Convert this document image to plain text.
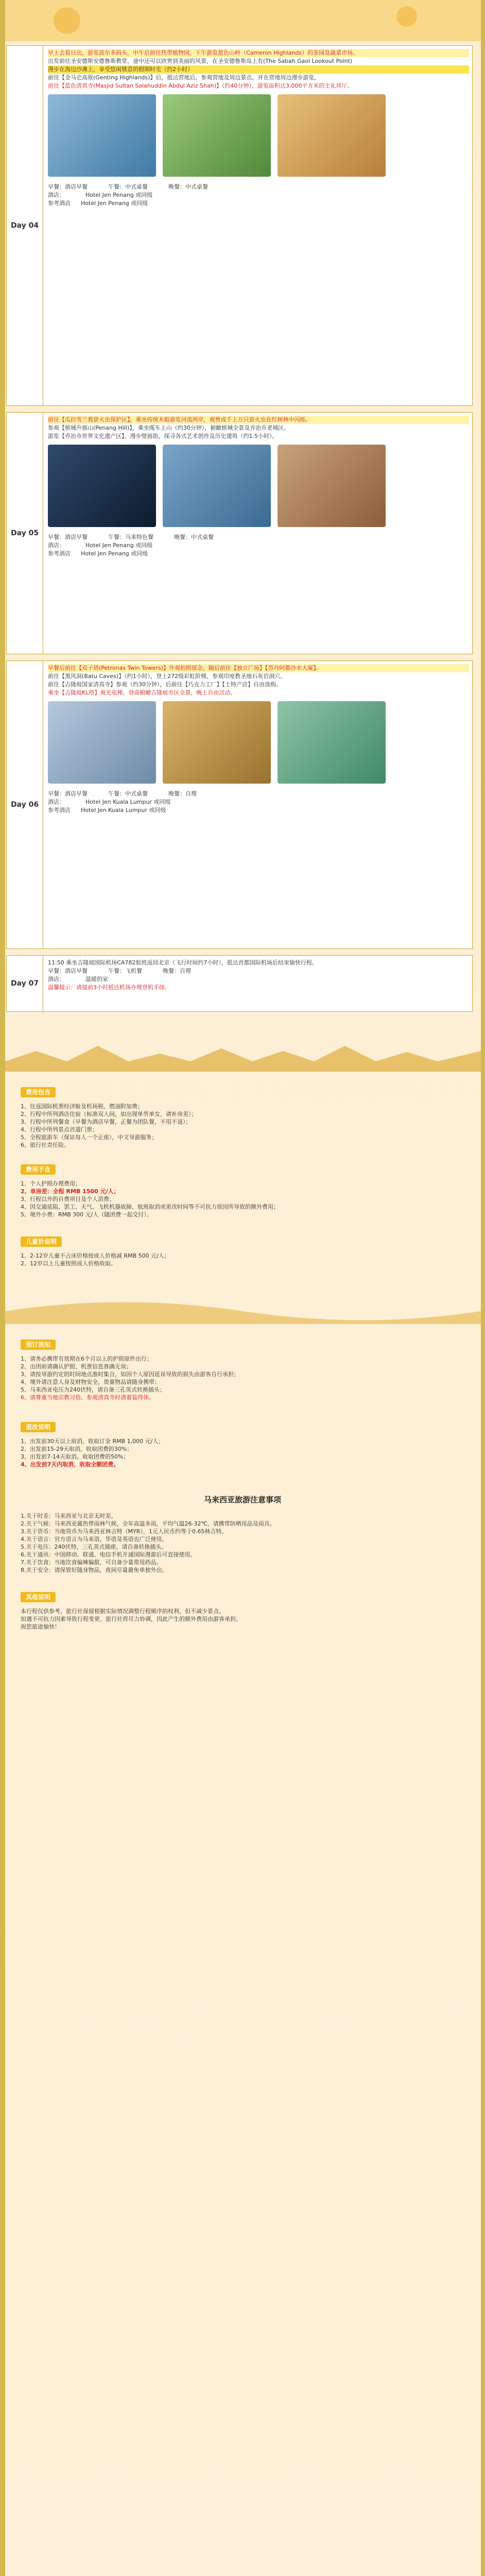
Day 04
早上去看日出，游览波尔多码头，中午后前往热带植物园，下午游览蓝色山岭（Cameron Highlands）的茶园及蔬菜市场。
出发前往圣安德斯安德鲁斯教堂，途中还可以欣赏到美丽的风景，在圣安德鲁斯岛上有(The Sabah Gaol Lookout Point)
漫步在海边沙滩上，享受悠闲惬意的假期时光（约2小时）
前往【金马仑高原(Genting Highlands)】后，抵达营地后，参观营地及周边景点，并在营地周边漫步游览，
前往【蓝色清真寺(Masjid Sultan Salahuddin Abdul Aziz Shah)】（约40分钟），游览面积达3,000平方米的主礼拜厅。

早餐：酒店早餐	午餐：中式桌餐	晚餐：中式桌餐
酒店：	Hotel Jen Penang 或同级
参考酒店 Hotel Jen Penang 或同级
Day 05
前往【瓜拉雪兰莪萤火虫保护区】，乘坐传统木船游览河流两岸，观赏成千上万只萤火虫在红树林中闪烁。
参观【槟城升旗山(Penang Hill)】，乘坐缆车上山（约30分钟），俯瞰槟城全景及乔治市老城区。
游览【乔治市世界文化遗产区】，漫步壁画街，探寻各式艺术创作及历史建筑（约1.5小时）。

早餐：酒店早餐	午餐：马来特色餐	晚餐：中式桌餐
酒店：	Hotel Jen Penang 或同级
参考酒店 Hotel Jen Penang 或同级
Day 06
早餐后前往【双子塔(Petronas Twin Towers)】外观拍照留念，随后前往【独立广场】【苏丹阿都沙末大厦】。
前往【黑风洞(Batu Caves)】（约1小时），登上272级彩虹阶梯，参观印度教圣地石灰岩洞穴。
前往【吉隆坡国家清真寺】参观（约30分钟），后前往【巧克力工厂】【土特产店】自由选购。
乘坐【吉隆坡KL塔】观光电梯，登高俯瞰吉隆坡市区全景，晚上自由活动。

早餐：酒店早餐	午餐：中式桌餐	晚餐：自理
酒店：	Hotel Jen Kuala Lumpur 或同级
参考酒店 Hotel Jen Kuala Lumpur 或同级
Day 07
11:50 乘坐吉隆坡国际机场CA782航班返回北京（飞行时间约7小时），抵达首都国际机场后结束愉快行程。
早餐：酒店早餐	午餐：飞机餐	晚餐：自理
酒店：	温暖的家
温馨提示：请提前3小时抵达机场办理登机手续。
费用包含
1、往返国际机票经济舱及机场税、燃油附加费；
2、行程中所列酒店住宿（标准双人间，如出现单男单女，请补房差）；
3、行程中所列餐食（早餐为酒店早餐，正餐为团队餐，不用不退）；
4、行程中所列景点首道门票；
5、全程旅游车（保证每人一个正座），中文导游服务；
6、旅行社责任险。
费用不含
1、个人护照办理费用；
2、单房差：全程 RMB 1500 元/人；
3、行程以外的自费项目及个人消费；
4、因交通延阻、罢工、天气、飞机机器故障、航班取消或更改时间等不可抗力原因所导致的额外费用；
5、境外小费：RMB 300 元/人（随团费一起交付）。
儿童价说明
1、2-12岁儿童不占床价格按成人价格减 RMB 500 元/人；
2、12岁以上儿童按照成人价格收取。
预订须知
1、请务必携带有效期在6个月以上的护照原件出行；
2、出团前请确认护照、机票信息准确无误；
3、请按导游约定的时间地点准时集合，如因个人原因延误导致的损失由游客自行承担；
4、境外请注意人身及财物安全，贵重物品请随身携带；
5、马来西亚电压为240伏特，请自备三孔英式转换插头；
6、请尊重当地宗教习俗，参观清真寺时请着装得体。
退改说明
1、出发前30天以上取消，收取订金 RMB 1,000 元/人；
2、出发前15-29天取消，收取团费的30%；
3、出发前7-14天取消，收取团费的50%；
4、出发前7天内取消，收取全额团费。
马来西亚旅游注意事项
1.关于时差：马来西亚与北京无时差。
2.关于气候：马来西亚属热带雨林气候，全年高温多雨，平均气温26-32℃，请携带防晒用品及雨具。
3.关于货币：当地货币为马来西亚林吉特（MYR），1元人民币约等于0.65林吉特。
4.关于语言：官方语言为马来语，华语及英语也广泛使用。
5.关于电压：240伏特，三孔英式插座，请自备转换插头。
6.关于通讯：中国移动、联通、电信手机开通国际漫游后可直接使用。
7.关于饮食：当地饮食偏辣偏甜，可自备少量常用药品。
8.关于安全：请保管好随身物品，夜间尽量避免单独外出。
其他说明
本行程仅供参考，旅行社保留根据实际情况调整行程顺序的权利，但不减少景点。
如遇不可抗力因素导致行程变更，旅行社将尽力协调，因此产生的额外费用由游客承担。
祝您旅途愉快！
